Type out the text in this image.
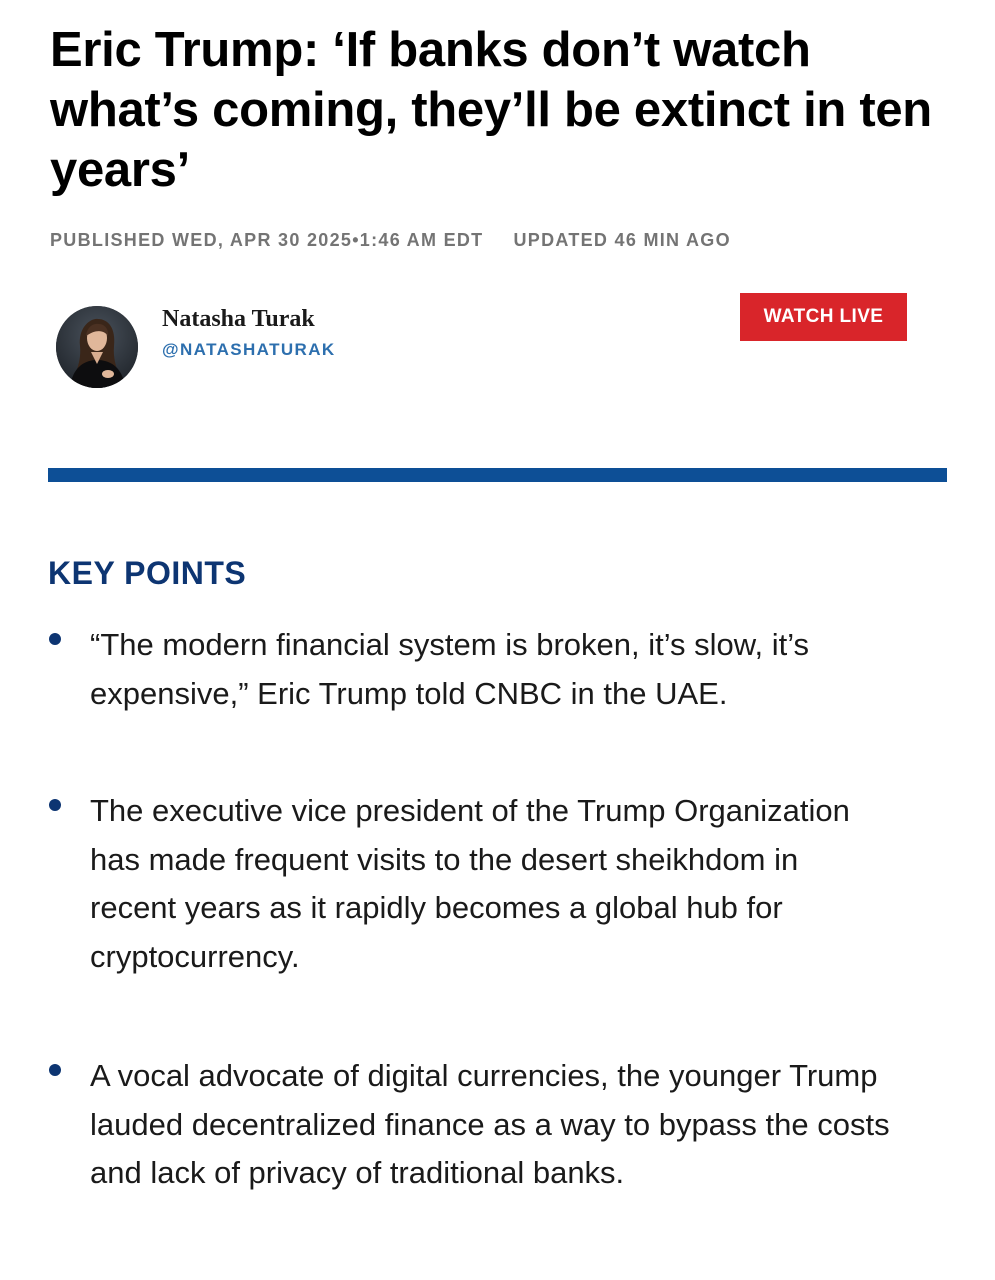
Eric Trump: ‘If banks don’t watch what’s coming, they’ll be extinct in ten years’
PUBLISHED WED, APR 30 2025•1:46 AM EDT UPDATED 46 MIN AGO
Natasha Turak
@NATASHATURAK
WATCH LIVE
KEY POINTS
“The modern financial system is broken, it’s slow, it’s expensive,” Eric Trump told CNBC in the UAE.
The executive vice president of the Trump Organization has made frequent visits to the desert sheikhdom in recent years as it rapidly becomes a global hub for cryptocurrency.
A vocal advocate of digital currencies, the younger Trump lauded decentralized finance as a way to bypass the costs and lack of privacy of traditional banks.
